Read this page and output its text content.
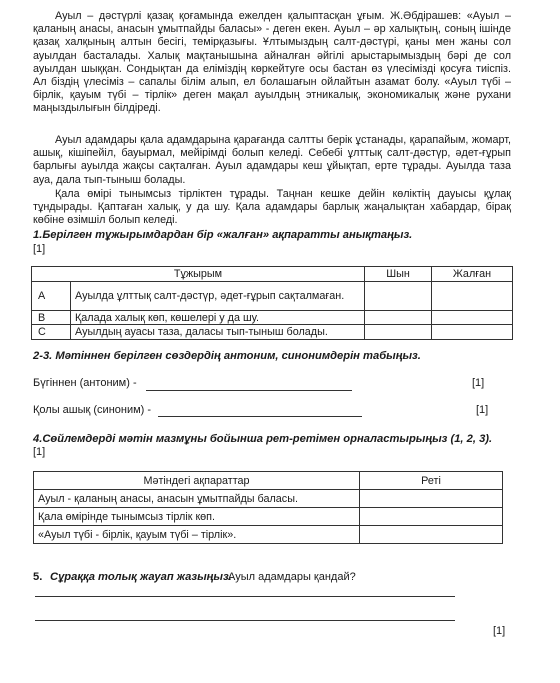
Ауыл – дәстүрлі қазақ қоғамында ежелден қалыптасқан ұғым. Ж.Әбдірашев: «Ауыл – қаланың анасы, анасын ұмытпайды баласы» - деген екен. Ауыл – әр халықтың, соның ішінде қазақ халқының алтын бесігі, темірқазығы. Ұлтымыздың салт-дәстүрі, қаны мен жаны сол ауылдан басталады. Халық мақтанышына айналған әйгілі арыстарымыздың бәрі де сол ауылдан шыққан. Сондықтан да еліміздің көркейтуге осы бастан өз үлесімізді қосуға тиіспіз. Ал біздің үлесіміз – сапалы білім алып, ел болашағын ойлайтын азамат болу. «Ауыл түбі – бірлік, қауым түбі – тірлік» деген мақал ауылдың этникалық, экономикалық және рухани маңыздылығын білдіреді.

Ауыл адамдары қала адамдарына қарағанда салтты берік ұстанады, қарапайым, жомарт, ашық, кішіпейіл, бауырмал, мейірімді болып келеді. Себебі ұлттық салт-дәстүр, әдет-ғұрып барлығы ауылда жақсы сақталған. Ауыл адамдары кеш ұйықтап, ерте тұрады. Ауылда таза ауа, дала тып-тыныш болады.

Қала өмірі тынымсыз тірліктен тұрады. Таңнан кешке дейін көліктің дауысы құлақ тұндырады. Қаптаған халық, у да шу. Қала адамдары барлық жаңалықтан хабардар, бірақ көбіне өзімшіл болып келеді.

1.Берілген тұжырымдардан бір «жалған» ақпаратты анықтаңыз.

[1]
Тұжырым		Шын	Жалған
А	Ауылда ұлттық салт-дәстүр, әдет-ғұрып сақталмаған.		
В	Қалада халық көп, көшелері у да шу.		
С	Ауылдың ауасы таза, даласы тып-тыныш болады.		

2-3. Мәтіннен берілген сөздердің антоним, синонимдерін табыңыз.

Бүгіннен (антоним) -	[1]
Қолы ашық (синоним) -	[1]

4.Сөйлемдерді мәтін мазмұны бойынша рет-ретімен орналастырыңыз (1, 2, 3).

[1]
Мәтіндегі ақпараттар	Реті
Ауыл - қаланың анасы, анасын ұмытпайды баласы.	
Қала өмірінде тынымсыз тірлік көп.	
«Ауыл түбі - бірлік, қауым түбі – тірлік».	
5. Сұраққа толық жауап жазыңыз.
Ауыл адамдары қандай?
[1]
